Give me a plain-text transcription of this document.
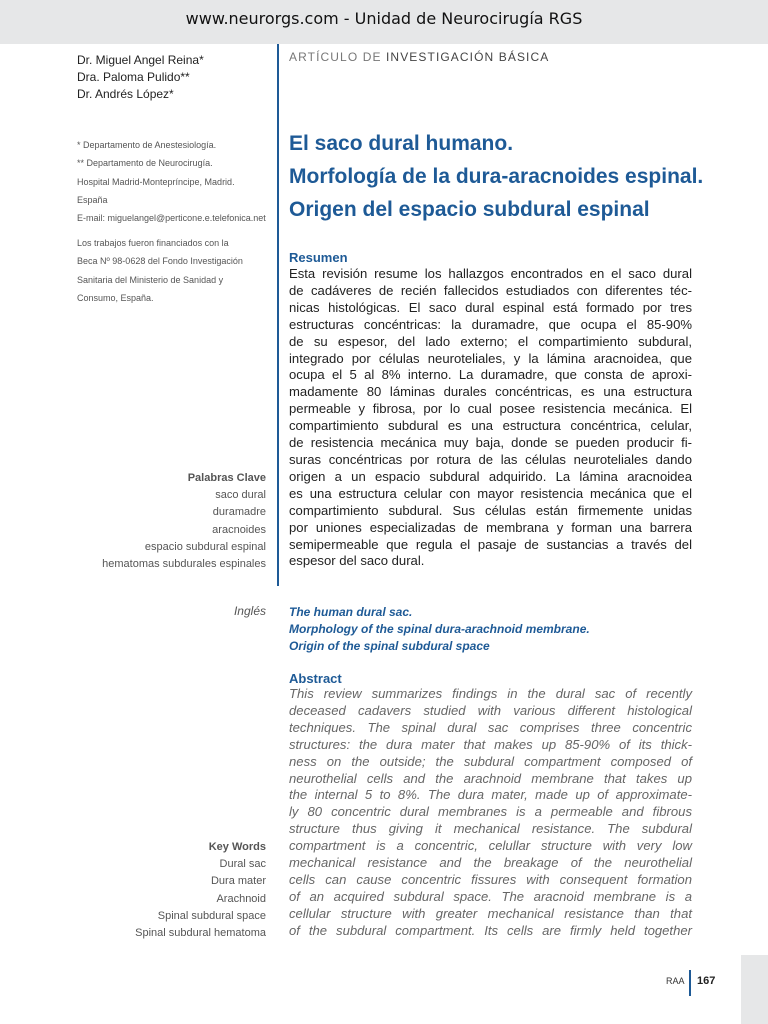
www.neurorgs.com - Unidad de Neurocirugía RGS
Dr. Miguel Angel Reina*
Dra. Paloma Pulido**
Dr. Andrés López*
ARTÍCULO DE INVESTIGACIÓN BÁSICA
* Departamento de Anestesiología.
** Departamento de Neurocirugía.
Hospital Madrid-Montepríncipe, Madrid.
España
E-mail: miguelangel@perticone.e.telefonica.net
Los trabajos fueron financiados con la
Beca Nº 98-0628 del Fondo Investigación
Sanitaria del Ministerio de Sanidad y
Consumo, España.
El saco dural humano.
Morfología de la dura-aracnoides espinal.
Origen del espacio subdural espinal
Resumen
Esta revisión resume los hallazgos encontrados en el saco dural
de cadáveres de recién fallecidos estudiados con diferentes téc-
nicas histológicas. El saco dural espinal está formado por tres
estructuras concéntricas: la duramadre, que ocupa el 85-90%
de su espesor, del lado externo; el compartimiento subdural,
integrado por células neuroteliales, y la lámina aracnoidea, que
ocupa el 5 al 8% interno. La duramadre, que consta de aproxi-
madamente 80 láminas durales concéntricas, es una estructura
permeable y fibrosa, por lo cual posee resistencia mecánica. El
compartimiento subdural es una estructura concéntrica, celular,
de resistencia mecánica muy baja, donde se pueden producir fi-
suras concéntricas por rotura de las células neuroteliales dando
origen a un espacio subdural adquirido. La lámina aracnoidea
es una estructura celular con mayor resistencia mecánica que el
compartimiento subdural. Sus células están firmemente unidas
por uniones especializadas de membrana y forman una barrera
semipermeable que regula el pasaje de sustancias a través del
espesor del saco dural.
Palabras Clave
saco dural
duramadre
aracnoides
espacio subdural espinal
hematomas subdurales espinales
Inglés The human dural sac.
Morphology of the spinal dura-arachnoid membrane.
Origin of the spinal subdural space
Abstract
This review summarizes findings in the dural sac of recently
deceased cadavers studied with various different histological
techniques. The spinal dural sac comprises three concentric
structures: the dura mater that makes up 85-90% of its thick-
ness on the outside; the subdural compartment composed of
neurothelial cells and the arachnoid membrane that takes up
the internal 5 to 8%. The dura mater, made up of approximate-
ly 80 concentric dural membranes is a permeable and fibrous
structure thus giving it mechanical resistance. The subdural
compartment is a concentric, celullar structure with very low
mechanical resistance and the breakage of the neurothelial
cells can cause concentric fissures with consequent formation
of an acquired subdural space. The aracnoid membrane is a
cellular structure with greater mechanical resistance than that
of the subdural compartment. Its cells are firmly held together
Key Words
Dural sac
Dura mater
Arachnoid
Spinal subdural space
Spinal subdural hematoma
RAA 167
